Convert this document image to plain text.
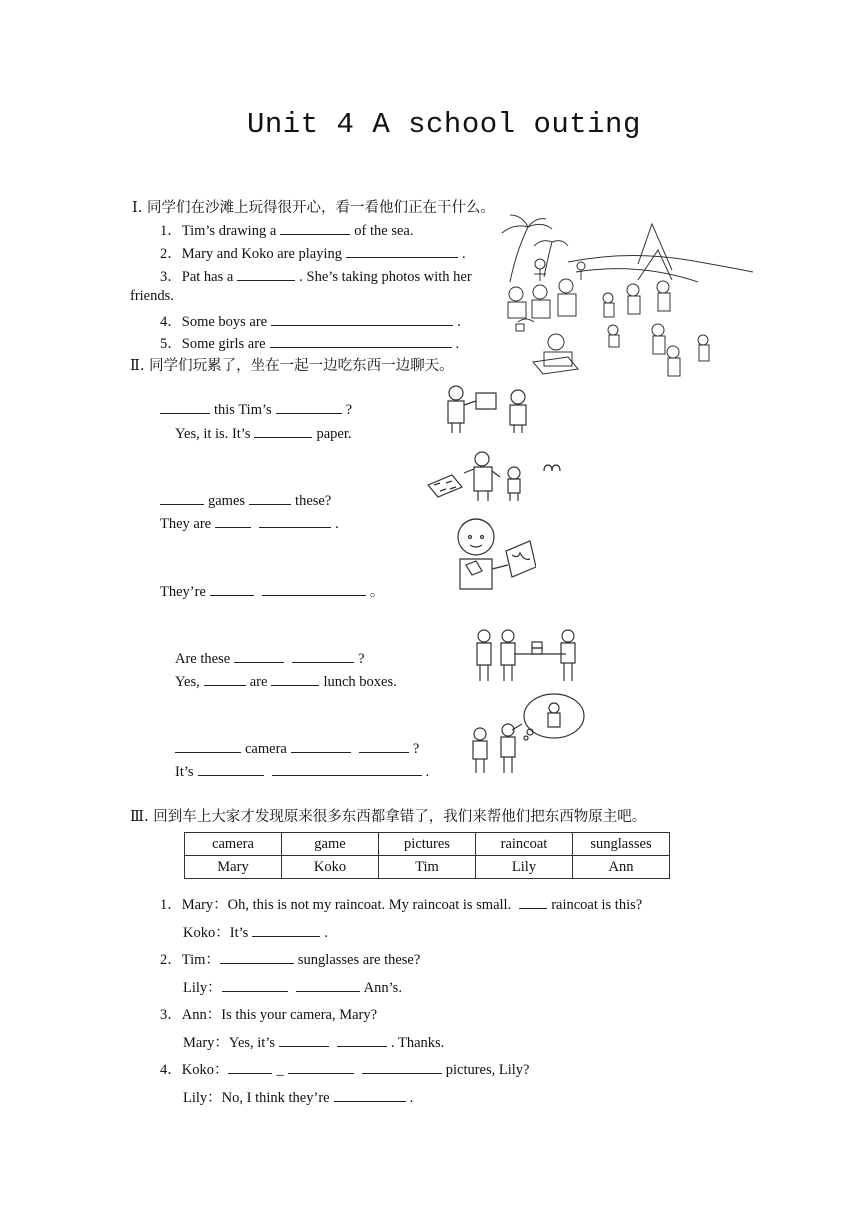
Unit 4 A school outing
Ⅰ. 同学们在沙滩上玩得很开心，看一看他们正在干什么。
1．Tim’s drawing a	of the sea.
2．Mary and Koko are playing	.
3．Pat has a	. She’s taking photos with her
friends.
4．Some boys are	.
5．Some girls are	.
Ⅱ. 同学们玩累了，坐在一起一边吃东西一边聊天。
this Tim’s	?
Yes, it is. It’s	paper.
games	these?
They are	.
They’re	。
Are these	?
Yes,	are	lunch boxes.
camera	?
It’s	.
Ⅲ. 回到车上大家才发现原来很多东西都拿错了，我们来帮他们把东西物原主吧。
camera	game	pictures	raincoat	sunglasses
Mary	Koko	Tim	Lily	Ann
1．Mary：Oh, this is not my raincoat. My raincoat is small.	raincoat is this?
Koko：It’s	.
2．Tim：	sunglasses are these?
Lily：	Ann’s.
3．Ann：Is this your camera, Mary?
Mary：Yes, it’s	. Thanks.
4．Koko：	_	pictures, Lily?
Lily：No, I think they’re	.
